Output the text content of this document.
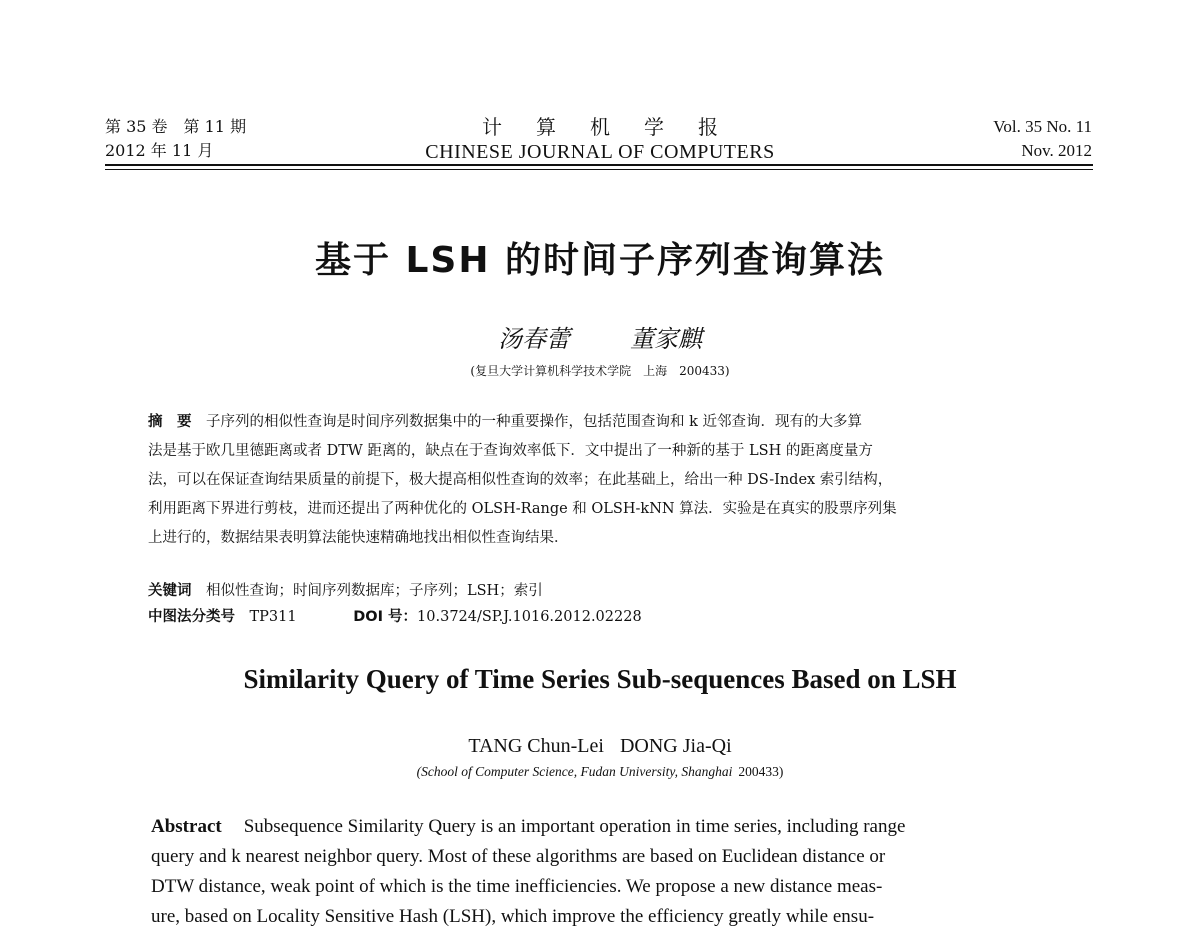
第 35 卷　第 11 期
2012 年 11 月
计算机学报
CHINESE JOURNAL OF COMPUTERS
Vol. 35 No. 11
Nov. 2012
基于 LSH 的时间子序列查询算法
汤春蕾	董家麒
(复旦大学计算机科学技术学院　上海　200433)
摘　要　 子序列的相似性查询是时间序列数据集中的一种重要操作，包括范围查询和 k 近邻查询．现有的大多算
法是基于欧几里德距离或者 DTW 距离的，缺点在于查询效率低下．文中提出了一种新的基于 LSH 的距离度量方
法，可以在保证查询结果质量的前提下，极大提高相似性查询的效率；在此基础上，给出一种 DS-Index 索引结构，
利用距离下界进行剪枝，进而还提出了两种优化的 OLSH-Range 和 OLSH-kNN 算法．实验是在真实的股票序列集
上进行的，数据结果表明算法能快速精确地找出相似性查询结果．
关键词　 相似性查询；时间序列数据库；子序列；LSH；索引
中图法分类号　 TP311	DOI 号：10.3724/SP.J.1016.2012.02228
Similarity Query of Time Series Sub-sequences Based on LSH
TANG Chun-Lei DONG Jia-Qi
(School of Computer Science, Fudan University, Shanghai 200433)
Abstract Subsequence Similarity Query is an important operation in time series, including range
query and k nearest neighbor query. Most of these algorithms are based on Euclidean distance or
DTW distance, weak point of which is the time inefficiencies. We propose a new distance meas-
ure, based on Locality Sensitive Hash (LSH), which improve the efficiency greatly while ensu-
